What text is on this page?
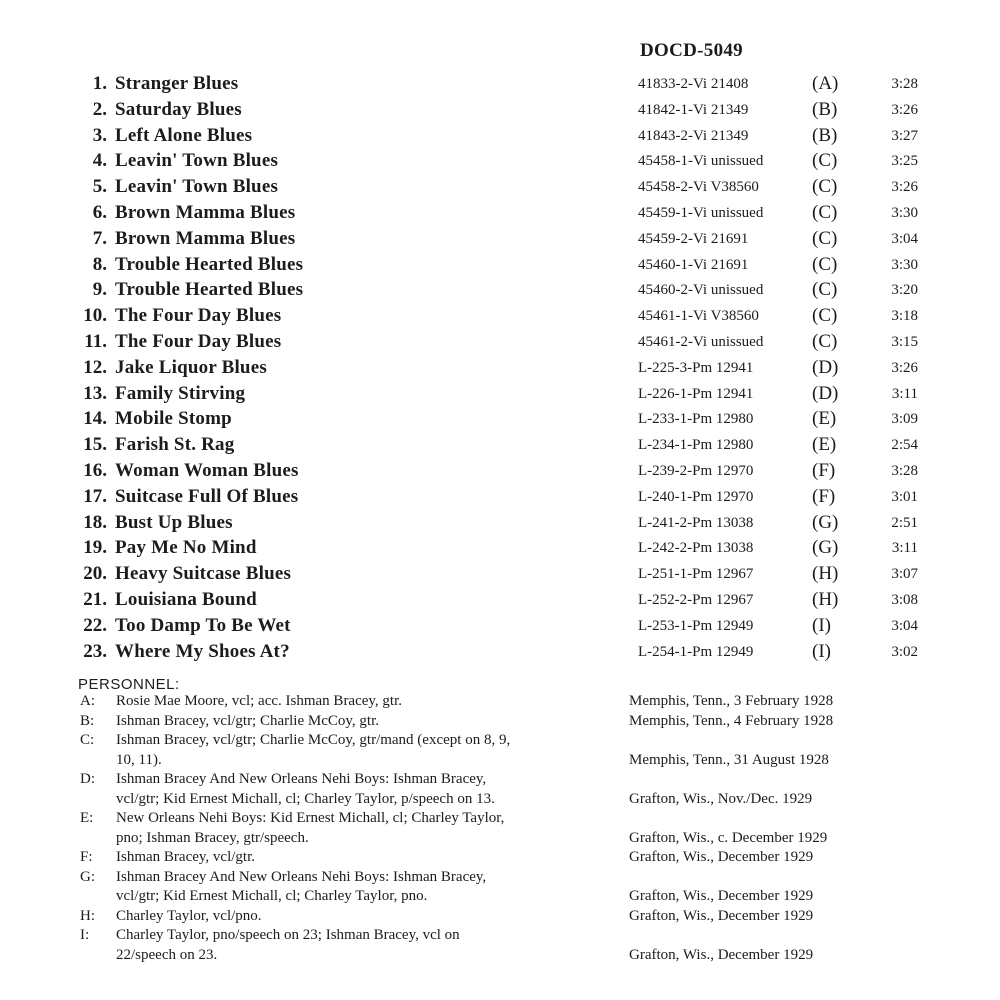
DOCD-5049
1. Stranger Blues	41833-2-Vi 21408	(A)	3:28
2. Saturday Blues	41842-1-Vi 21349	(B)	3:26
3. Left Alone Blues	41843-2-Vi 21349	(B)	3:27
4. Leavin' Town Blues	45458-1-Vi unissued	(C)	3:25
5. Leavin' Town Blues	45458-2-Vi V38560	(C)	3:26
6. Brown Mamma Blues	45459-1-Vi unissued	(C)	3:30
7. Brown Mamma Blues	45459-2-Vi 21691	(C)	3:04
8. Trouble Hearted Blues	45460-1-Vi 21691	(C)	3:30
9. Trouble Hearted Blues	45460-2-Vi unissued	(C)	3:20
10. The Four Day Blues	45461-1-Vi V38560	(C)	3:18
11. The Four Day Blues	45461-2-Vi unissued	(C)	3:15
12. Jake Liquor Blues	L-225-3-Pm 12941	(D)	3:26
13. Family Stirving	L-226-1-Pm 12941	(D)	3:11
14. Mobile Stomp	L-233-1-Pm 12980	(E)	3:09
15. Farish St. Rag	L-234-1-Pm 12980	(E)	2:54
16. Woman Woman Blues	L-239-2-Pm 12970	(F)	3:28
17. Suitcase Full Of Blues	L-240-1-Pm 12970	(F)	3:01
18. Bust Up Blues	L-241-2-Pm 13038	(G)	2:51
19. Pay Me No Mind	L-242-2-Pm 13038	(G)	3:11
20. Heavy Suitcase Blues	L-251-1-Pm 12967	(H)	3:07
21. Louisiana Bound	L-252-2-Pm 12967	(H)	3:08
22. Too Damp To Be Wet	L-253-1-Pm 12949	(I)	3:04
23. Where My Shoes At?	L-254-1-Pm 12949	(I)	3:02
PERSONNEL:
A: Rosie Mae Moore, vcl; acc. Ishman Bracey, gtr.	Memphis, Tenn., 3 February 1928
B: Ishman Bracey, vcl/gtr; Charlie McCoy, gtr.	Memphis, Tenn., 4 February 1928
C: Ishman Bracey, vcl/gtr; Charlie McCoy, gtr/mand (except on 8, 9,
10, 11).	Memphis, Tenn., 31 August 1928
D: Ishman Bracey And New Orleans Nehi Boys: Ishman Bracey,
vcl/gtr; Kid Ernest Michall, cl; Charley Taylor, p/speech on 13.	Grafton, Wis., Nov./Dec. 1929
E: New Orleans Nehi Boys: Kid Ernest Michall, cl; Charley Taylor,
pno; Ishman Bracey, gtr/speech.	Grafton, Wis., c. December 1929
F: Ishman Bracey, vcl/gtr.	Grafton, Wis., December 1929
G: Ishman Bracey And New Orleans Nehi Boys: Ishman Bracey,
vcl/gtr; Kid Ernest Michall, cl; Charley Taylor, pno.	Grafton, Wis., December 1929
H: Charley Taylor, vcl/pno.	Grafton, Wis., December 1929
I: Charley Taylor, pno/speech on 23; Ishman Bracey, vcl on
22/speech on 23.	Grafton, Wis., December 1929
